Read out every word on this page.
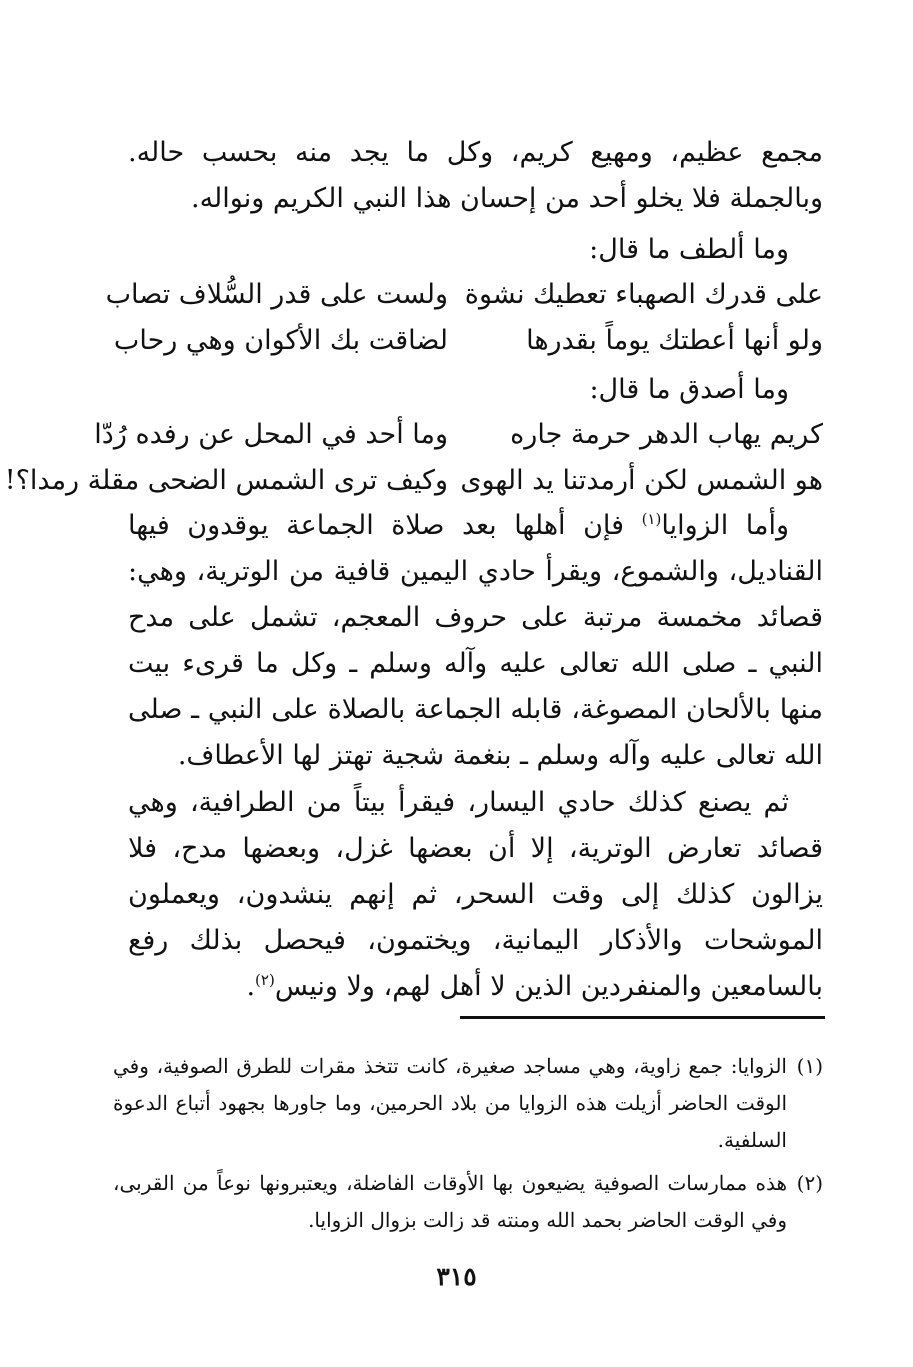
مجمع عظيم، ومهيع كريم، وكل ما يجد منه بحسب حاله. وبالجملة فلا يخلو أحد من إحسان هذا النبي الكريم ونواله.
وما ألطف ما قال:
على قدرك الصهباء تعطيك نشوة
ولست على قدر السُّلاف تصاب
ولو أنها أعطتك يوماً بقدرها
لضاقت بك الأكوان وهي رحاب
وما أصدق ما قال:
كريم يهاب الدهر حرمة جاره
وما أحد في المحل عن رفده رُدّا
هو الشمس لكن أرمدتنا يد الهوى
وكيف ترى الشمس الضحى مقلة رمدا؟!
وأما الزوايا$^{(١)}$ فإن أهلها بعد صلاة الجماعة يوقدون فيها القناديل، والشموع، ويقرأ حادي اليمين قافية من الوترية، وهي: قصائد مخمسة مرتبة على حروف المعجم، تشمل على مدح النبي ـ صلى الله تعالى عليه وآله وسلم ـ وكل ما قرىء بيت منها بالألحان المصوغة، قابله الجماعة بالصلاة على النبي ـ صلى الله تعالى عليه وآله وسلم ـ بنغمة شجية تهتز لها الأعطاف.
ثم يصنع كذلك حادي اليسار، فيقرأ بيتاً من الطرافية، وهي قصائد تعارض الوترية، إلا أن بعضها غزل، وبعضها مدح، فلا يزالون كذلك إلى وقت السحر، ثم إنهم ينشدون، ويعملون الموشحات والأذكار اليمانية، ويختمون، فيحصل بذلك رفع بالسامعين والمنفردين الذين لا أهل لهم، ولا ونيس$^{(٢)}$.
(١)
الزوايا: جمع زاوية، وهي مساجد صغيرة، كانت تتخذ مقرات للطرق الصوفية، وفي الوقت الحاضر أزيلت هذه الزوايا من بلاد الحرمين، وما جاورها بجهود أتباع الدعوة السلفية.
(٢)
هذه ممارسات الصوفية يضيعون بها الأوقات الفاضلة، ويعتبرونها نوعاً من القربى، وفي الوقت الحاضر بحمد الله ومنته قد زالت بزوال الزوايا.
٣١٥
